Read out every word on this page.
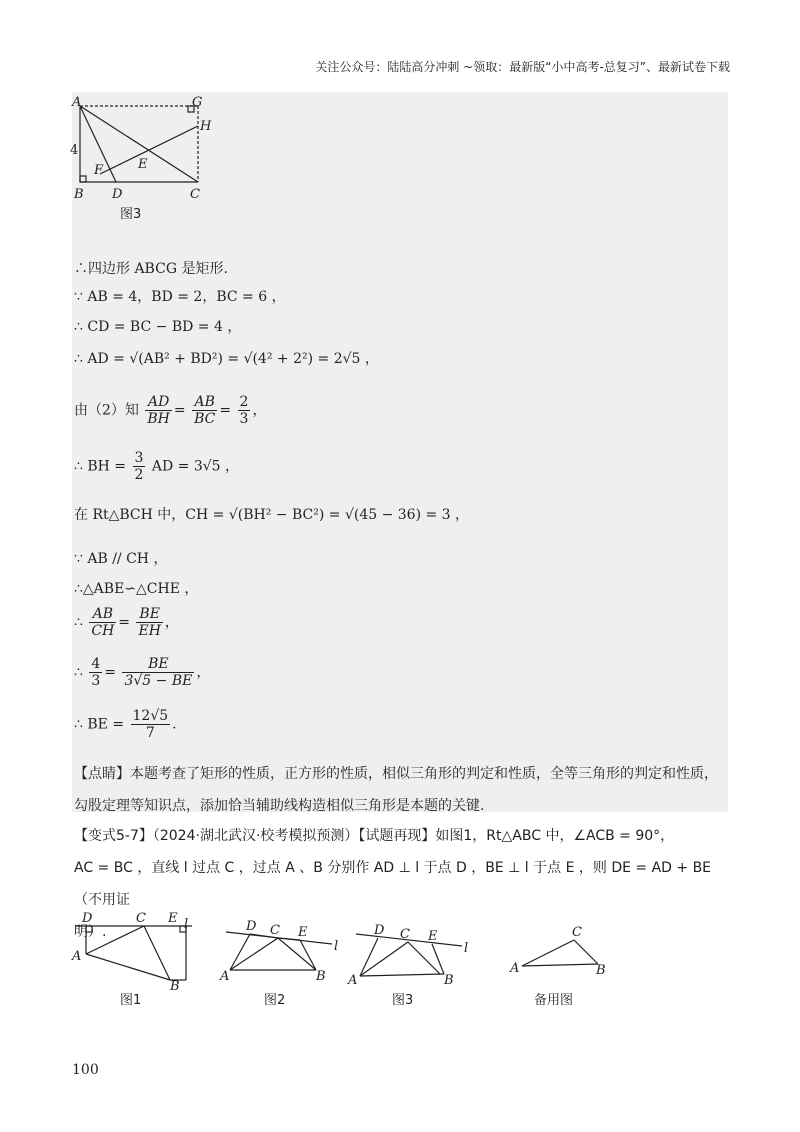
关注公众号：陆陆高分冲刺 ~领取：最新版“小中高考-总复习”、最新试卷下载
A	G
H
4
F	E
B D	C
图3
∴四边形 ABCG 是矩形.
∵ AB = 4，BD = 2，BC = 6 ，
∴ CD = BC − BD = 4 ，
∴ AD = √(AB² + BD²) = √(4² + 2²) = 2√5 ，
由（2）知 $\frac{AD}{BH} = \frac{AB}{BC} = \frac{2}{3}$ ，
∴ BH = $\frac{3}{2}$ AD = 3√5 ，
在 Rt△BCH 中，CH = √(BH² − BC²) = √(45 − 36) = 3 ，
∵ AB // CH ，
∴△ABE∽△CHE ，
∴ $\frac{AB}{CH} = \frac{BE}{EH}$ ，
∴ $\frac{4}{3} = \frac{BE}{3√5 - BE}$ ，
∴ BE = $\frac{12√5}{7}$ .
【点睛】本题考查了矩形的性质，正方形的性质，相似三角形的判定和性质，全等三角形的判定和性质，
勾股定理等知识点，添加恰当辅助线构造相似三角形是本题的关键.
【变式5-7】（2024·湖北武汉·校考模拟预测）【试题再现】如图1，Rt△ABC 中，∠ACB = 90°，
AC = BC ，直线 l 过点 C ，过点 A 、B 分别作 AD ⊥ l 于点 D ，BE ⊥ l 于点 E ，则 DE = AD + BE（不用证
明）.
D	C E l
A
B
D C E
l
A	B
D C E
l
A	B
C
A	B
图1	图2	图3	备用图
100
